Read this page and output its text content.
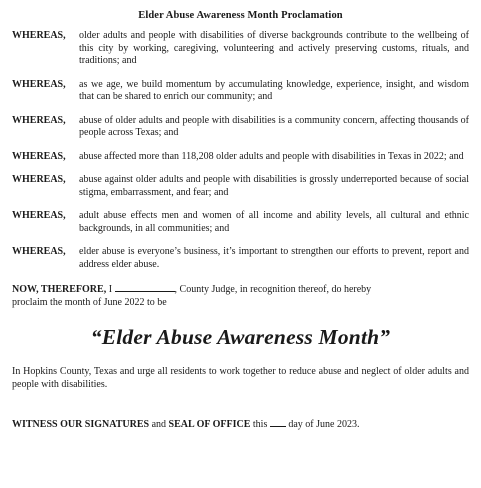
Elder Abuse Awareness Month Proclamation
WHEREAS,	older adults and people with disabilities of diverse backgrounds contribute to the wellbeing of this city by working, caregiving, volunteering and actively preserving customs, rituals, and traditions; and
WHEREAS,	as we age, we build momentum by accumulating knowledge, experience, insight, and wisdom that can be shared to enrich our community; and
WHEREAS,	abuse of older adults and people with disabilities is a community concern, affecting thousands of people across Texas; and
WHEREAS,	abuse affected more than 118,208 older adults and people with disabilities in Texas in 2022; and
WHEREAS,	abuse against older adults and people with disabilities is grossly underreported because of social stigma, embarrassment, and fear; and
WHEREAS,	adult abuse effects men and women of all income and ability levels, all cultural and ethnic backgrounds, in all communities; and
WHEREAS,	elder abuse is everyone’s business, it’s important to strengthen our efforts to prevent, report and address elder abuse.
NOW, THEREFORE, I	, County Judge, in recognition thereof, do hereby
proclaim the month of June 2022 to be
“Elder Abuse Awareness Month”
In Hopkins County, Texas and urge all residents to work together to reduce abuse and neglect of older adults and people with disabilities.
WITNESS OUR SIGNATURES and SEAL OF OFFICE this day of June 2023.
